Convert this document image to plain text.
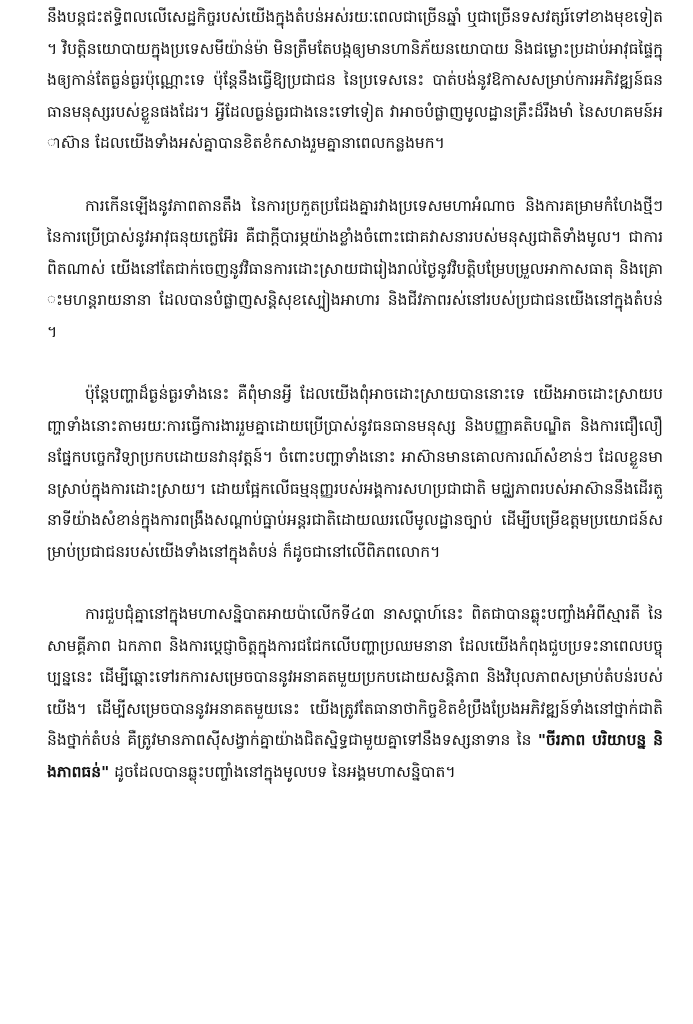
នឹងបន្តជះឥទ្ធិពលលើសេដ្ឋកិច្ចរបស់យើងក្នុងតំបន់អស់រយៈពេលជាច្រើនឆ្នាំ ឬជាច្រើនទសវត្សរ៍ទៅខាងមុខទៀត។ វិបត្តិនយោបាយក្នុងប្រទេសមីយ៉ាន់ម៉ា មិនត្រឹមតែបង្កឲ្យមានហានិភ័យនយោបាយ និងជម្លោះប្រដាប់អាវុធផ្ទៃក្នុងឲ្យកាន់តែធ្ងន់ធ្ងរប៉ុណ្ណោះទេ ប៉ុន្តែនឹងធ្វើឱ្យប្រជាជន នៃប្រទេសនេះ បាត់បង់នូវឱកាសសម្រាប់ការអភិវឌ្ឍន៍ធនធានមនុស្សរបស់ខ្លួនផងដែរ។ អ្វីដែលធ្ងន់ធ្ងរជាងនេះទៅទៀត វាអាចបំផ្លាញមូលដ្ឋានគ្រឹះដ៏រឹងមាំ នៃសហគមន៍អាស៊ាន ដែលយើងទាំងអស់គ្នាបានខិតខំកសាងរួមគ្នានាពេលកន្លងមក។

ការកើនឡើងនូវភាពតានតឹង នៃការប្រកួតប្រជែងគ្នារវាងប្រទេសមហាអំណាច និងការគម្រាមកំហែងថ្មីៗ នៃការប្រើប្រាស់នូវអាវុធនុយក្លេអ៊ែរ គឺជាក្តីបារម្ភយ៉ាងខ្លាំងចំពោះជោគវាសនារបស់មនុស្សជាតិទាំងមូល។ ជាការពិតណាស់ យើងនៅតែជាក់ចេញនូវវិធានការដោះស្រាយជារៀងរាល់ថ្ងៃនូវវិបត្តិបម្រែបម្រួលអាកាសធាតុ និងគ្រោះមហន្តរាយនានា ដែលបានបំផ្លាញសន្តិសុខស្បៀងអាហារ និងជីវភាពរស់នៅរបស់ប្រជាជនយើងនៅក្នុងតំបន់។

ប៉ុន្តែបញ្ហាដ៏ធ្ងន់ធ្ងរទាំងនេះ គឺពុំមានអ្វី ដែលយើងពុំអាចដោះស្រាយបាននោះទេ យើងអាចដោះស្រាយបញ្ហាទាំងនោះតាមរយៈការធ្វើការងាររួមគ្នាដោយប្រើប្រាស់នូវធនធានមនុស្ស និងបញ្ញាគតិបណ្ឌិត និងការជឿលឿនផ្នែកបច្ចេកវិទ្យាប្រកបដោយនវានុវត្តន៍។ ចំពោះបញ្ហាទាំងនោះ អាស៊ានមានគោលការណ៍សំខាន់ៗ ដែលខ្លួនមានស្រាប់ក្នុងការដោះស្រាយ។ ដោយផ្អែកលើធម្មនុញ្ញរបស់អង្គការសហប្រជាជាតិ មជ្ឈភាពរបស់អាស៊ាននឹងដើរតួនាទីយ៉ាងសំខាន់ក្នុងការពង្រឹងសណ្តាប់ធ្នាប់អន្តរជាតិដោយឈរលើមូលដ្ឋានច្បាប់ ដើម្បីបម្រើឧត្តមប្រយោជន៍សម្រាប់ប្រជាជនរបស់យើងទាំងនៅក្នុងតំបន់ ក៏ដូចជានៅលើពិភពលោក។

ការជួបជុំគ្នានៅក្នុងមហាសន្និបាតអាយប៉ាលើកទី៤៣ នាសប្តាហ៍នេះ ពិតជាបានឆ្លុះបញ្ចាំងអំពីស្មារតី នៃសាមគ្គីភាព ឯកភាព និងការប្តេជ្ញាចិត្តក្នុងការជជែកលើបញ្ហាប្រឈមនានា ដែលយើងកំពុងជួបប្រទះនាពេលបច្ចុប្បន្ននេះ ដើម្បីឆ្ពោះទៅរកការសម្រេចបាននូវអនាគតមួយប្រកបដោយសន្តិភាព និងវិបុលភាពសម្រាប់តំបន់របស់យើង។ ដើម្បីសម្រេចបាននូវអនាគតមួយនេះ យើងត្រូវតែធានាថាកិច្ចខិតខំប្រឹងប្រែងអភិវឌ្ឍន៍ទាំងនៅថ្នាក់ជាតិ និងថ្នាក់តំបន់ គឺត្រូវមានភាពស៊ីសង្វាក់គ្នាយ៉ាងជិតស្និទ្ធជាមួយគ្នាទៅនឹងទស្សនាទាន នៃ "ចីរភាព បរិយាបន្ន និងភាពធន់" ដូចដែលបានឆ្លុះបញ្ចាំងនៅក្នុងមូលបទ នៃអង្គមហាសន្និបាត។
